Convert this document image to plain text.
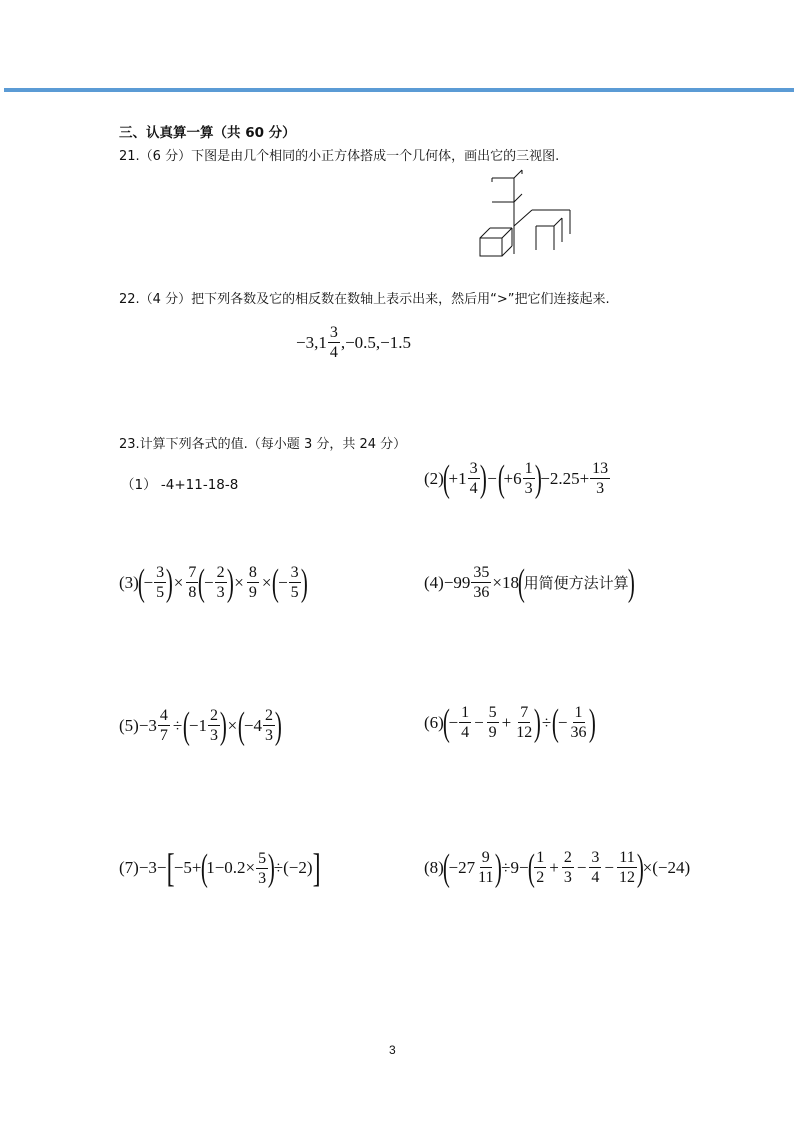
三、认真算一算（共 60 分）
21.（6 分）下图是由几个相同的小正方体搭成一个几何体，画出它的三视图.
22.（4 分）把下列各数及它的相反数在数轴上表示出来，然后用“>”把它们连接起来.
$-3,1 \frac{3}{4} ,-0.5,-1.5$
23.计算下列各式的值.（每小题 3 分，共 24 分）
（1） -4+11-18-8	(2)
(
$+1 \frac{3}{4}$ ) − (
$+6 \frac{1}{3}$ )
$-2.25+ \frac{13}{3}$
(3)
(
− $\frac{3}{5}$ ) × $\frac{7}{8}$ (
− $\frac{2}{3}$ ) × $\frac{8}{9}$ × (
− $\frac{3}{5}$ )	$(4) -99 \frac{35}{36} \times 18$
(
用简便方法计算
)
$(5) -3 \frac{4}{7}$ ÷ (
$-1 \frac{2}{3}$ ) × (
$-4 \frac{2}{3}$ )	(6)
(
− $\frac{1}{4} - \frac{5}{9} + \frac{7}{12}$ ) ÷ (
− $\frac{1}{36}$ )
(7) −3− [ −5+
(
$1-0.2\times \frac{5}{3}$ )
÷ (−2) ]	(8)
(
$-27 \frac{9}{11}$ )
÷9−
( $\frac{1}{2} + \frac{2}{3} - \frac{3}{4} - \frac{11}{12}$ )
× (−24)
3
